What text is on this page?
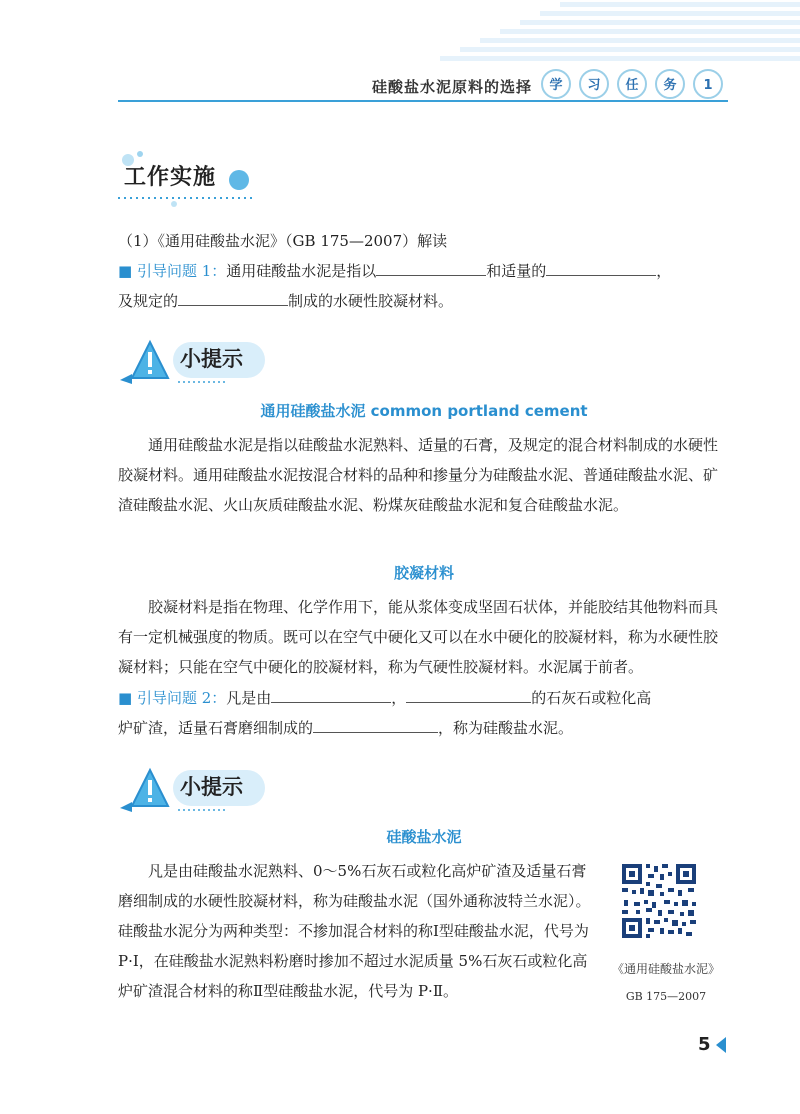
硅酸盐水泥原料的选择 学 习 任 务 1
工作实施
（1）《通用硅酸盐水泥》（GB 175—2007）解读
■ 引导问题 1：通用硅酸盐水泥是指以	和适量的	，
及规定的	制成的水硬性胶凝材料。
小提示
通用硅酸盐水泥 common portland cement
通用硅酸盐水泥是指以硅酸盐水泥熟料、适量的石膏，及规定的混合材料制成的水硬性胶凝材料。通用硅酸盐水泥按混合材料的品种和掺量分为硅酸盐水泥、普通硅酸盐水泥、矿渣硅酸盐水泥、火山灰质硅酸盐水泥、粉煤灰硅酸盐水泥和复合硅酸盐水泥。
胶凝材料
胶凝材料是指在物理、化学作用下，能从浆体变成坚固石状体，并能胶结其他物料而具有一定机械强度的物质。既可以在空气中硬化又可以在水中硬化的胶凝材料，称为水硬性胶凝材料；只能在空气中硬化的胶凝材料，称为气硬性胶凝材料。水泥属于前者。
■ 引导问题 2：凡是由	，	的石灰石或粒化高
炉矿渣，适量石膏磨细制成的	，称为硅酸盐水泥。
小提示
硅酸盐水泥
凡是由硅酸盐水泥熟料、0～5%石灰石或粒化高炉矿渣及适量石膏磨细制成的水硬性胶凝材料，称为硅酸盐水泥（国外通称波特兰水泥）。硅酸盐水泥分为两种类型：不掺加混合材料的称Ⅰ型硅酸盐水泥，代号为 P·Ⅰ，在硅酸盐水泥熟料粉磨时掺加不超过水泥质量 5%石灰石或粒化高炉矿渣混合材料的称Ⅱ型硅酸盐水泥，代号为 P·Ⅱ。
《通用硅酸盐水泥》
GB 175—2007
5
